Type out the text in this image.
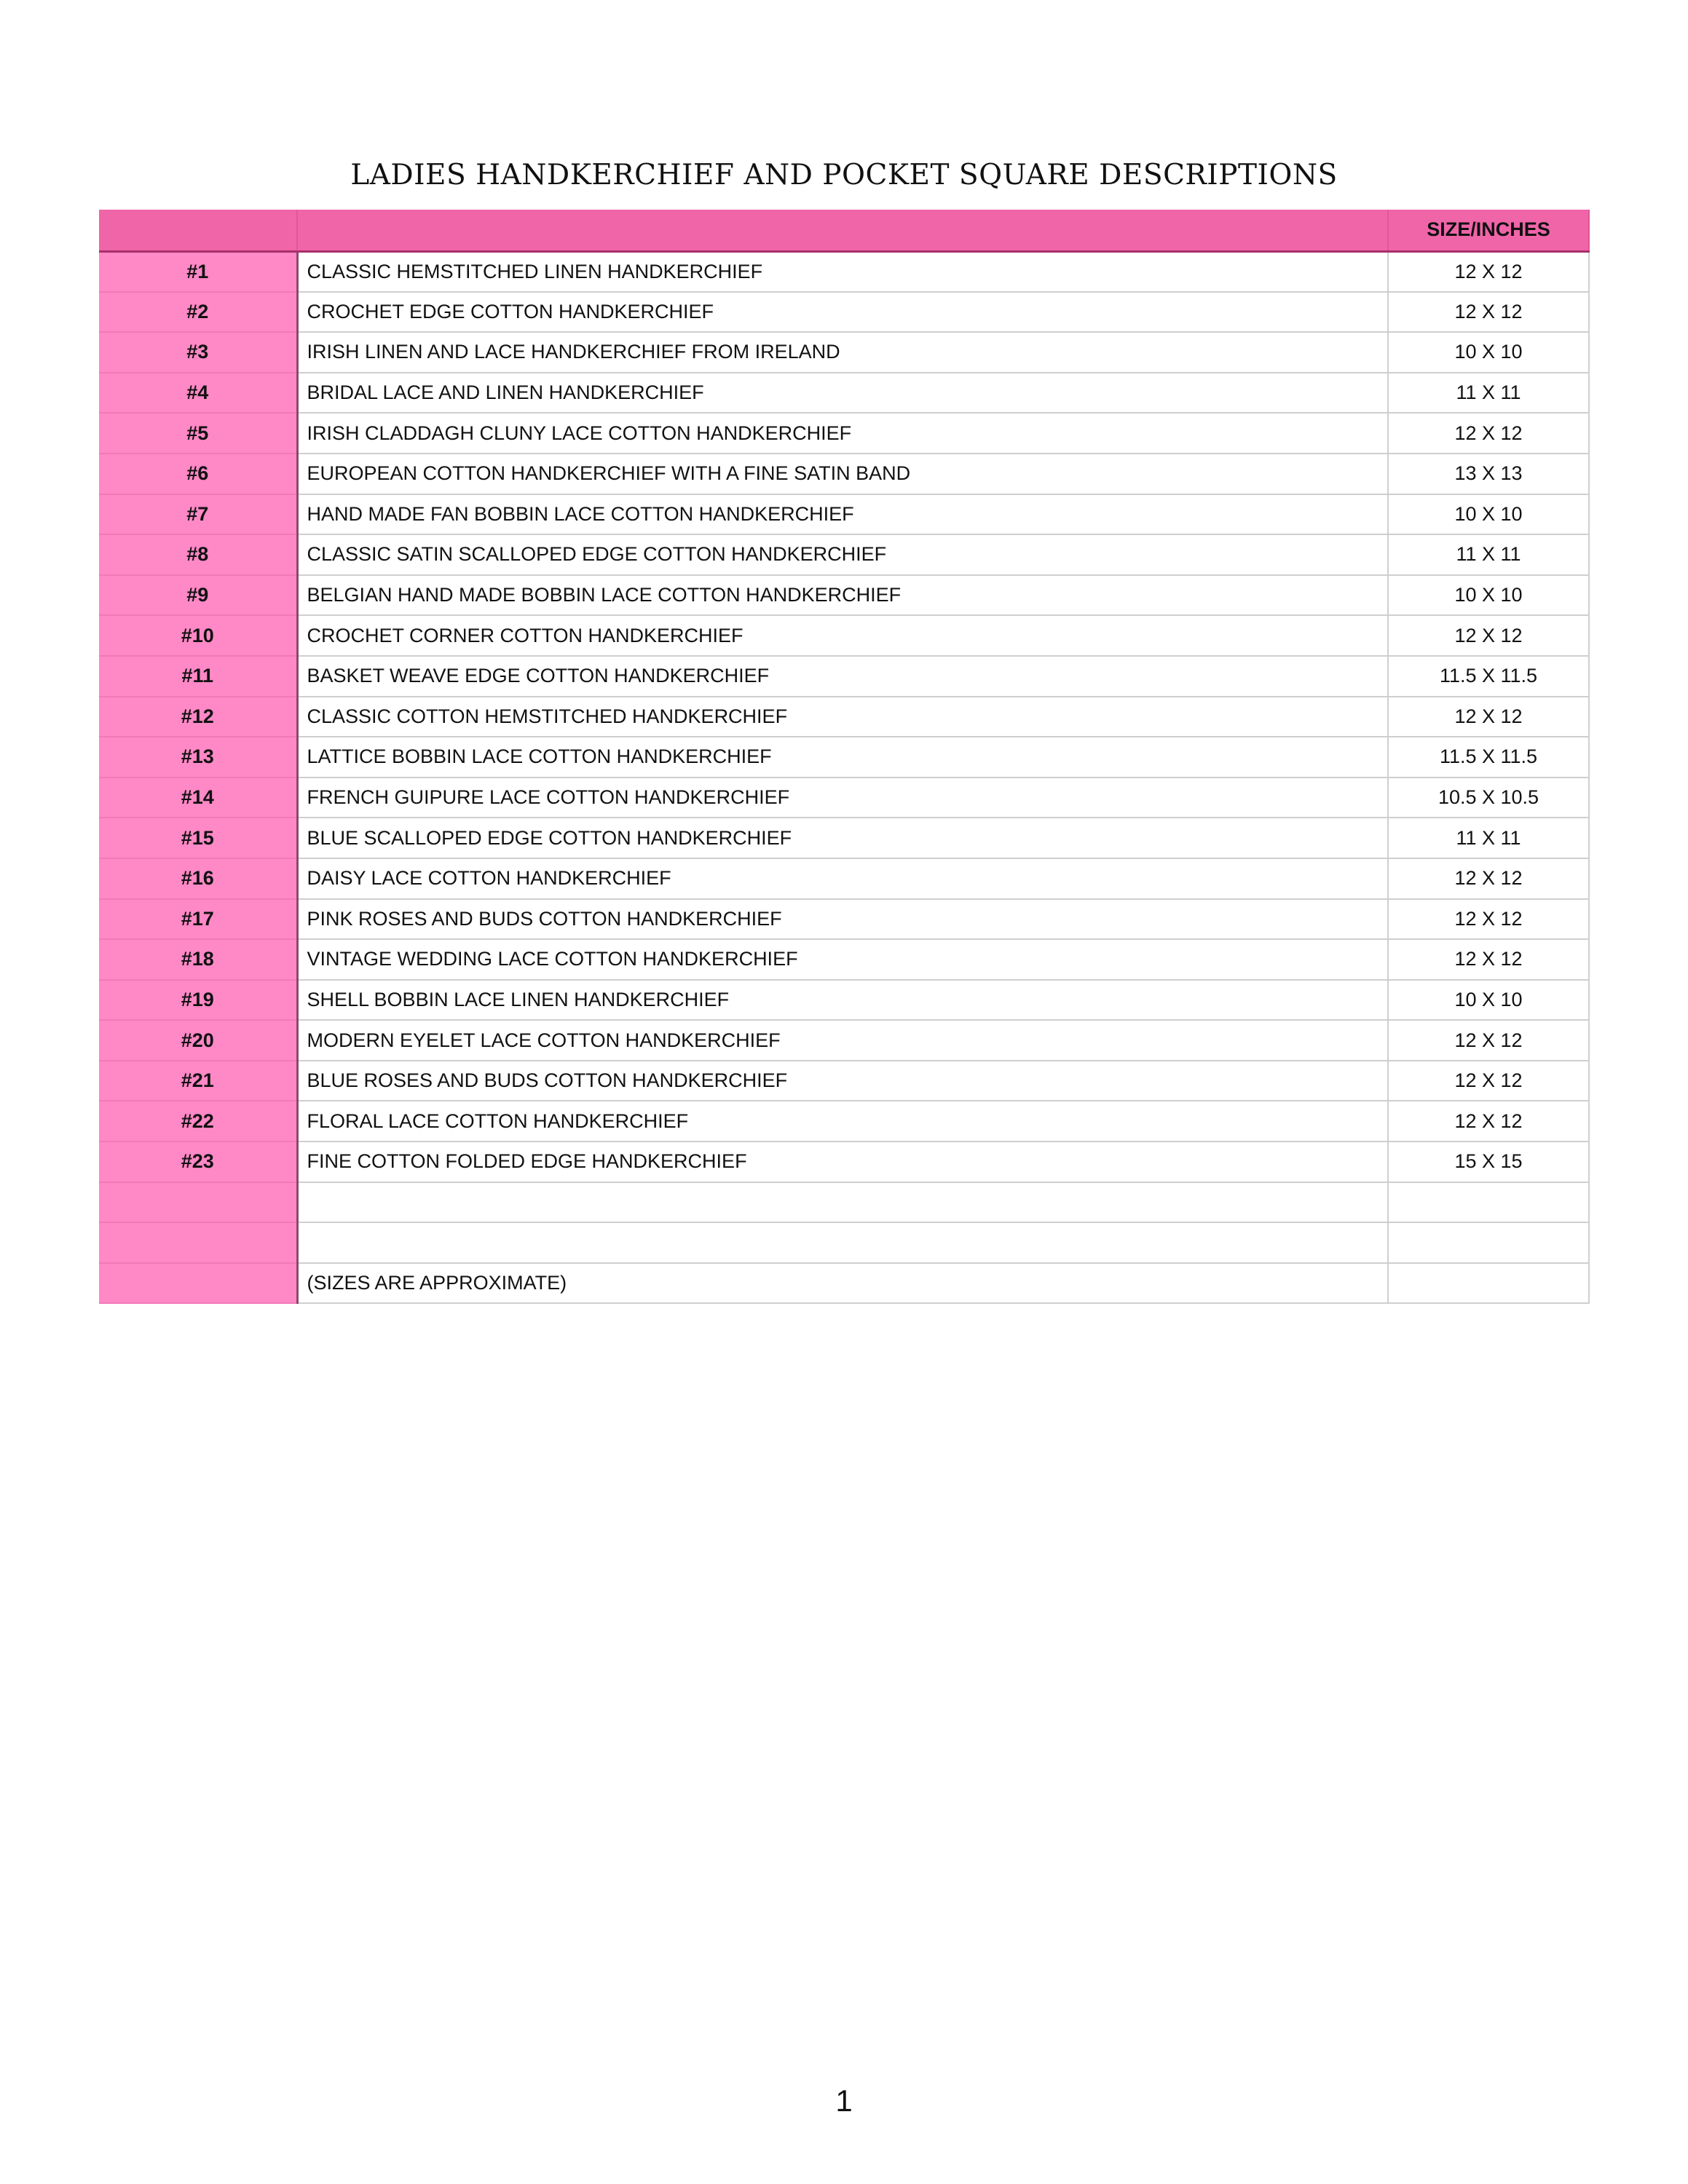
LADIES HANDKERCHIEF AND POCKET SQUARE DESCRIPTIONS
		SIZE/INCHES
#1	CLASSIC HEMSTITCHED LINEN HANDKERCHIEF	12 X 12
#2	CROCHET EDGE COTTON HANDKERCHIEF	12 X 12
#3	IRISH LINEN AND LACE HANDKERCHIEF FROM IRELAND	10 X 10
#4	BRIDAL LACE AND LINEN HANDKERCHIEF	11 X 11
#5	IRISH CLADDAGH CLUNY LACE COTTON HANDKERCHIEF	12 X 12
#6	EUROPEAN COTTON HANDKERCHIEF WITH A FINE SATIN BAND	13 X 13
#7	HAND MADE FAN BOBBIN LACE COTTON HANDKERCHIEF	10 X 10
#8	CLASSIC SATIN SCALLOPED EDGE COTTON HANDKERCHIEF	11 X 11
#9	BELGIAN HAND MADE BOBBIN LACE COTTON HANDKERCHIEF	10 X 10
#10	CROCHET CORNER COTTON HANDKERCHIEF	12 X 12
#11	BASKET WEAVE EDGE COTTON HANDKERCHIEF	11.5 X 11.5
#12	CLASSIC COTTON HEMSTITCHED HANDKERCHIEF	12 X 12
#13	LATTICE BOBBIN LACE COTTON HANDKERCHIEF	11.5 X 11.5
#14	FRENCH GUIPURE LACE COTTON HANDKERCHIEF	10.5 X 10.5
#15	BLUE SCALLOPED EDGE COTTON HANDKERCHIEF	11 X 11
#16	DAISY LACE COTTON HANDKERCHIEF	12 X 12
#17	PINK ROSES AND BUDS COTTON HANDKERCHIEF	12 X 12
#18	VINTAGE WEDDING LACE COTTON HANDKERCHIEF	12 X 12
#19	SHELL BOBBIN LACE LINEN HANDKERCHIEF	10 X 10
#20	MODERN EYELET LACE COTTON HANDKERCHIEF	12 X 12
#21	BLUE ROSES AND BUDS COTTON HANDKERCHIEF	12 X 12
#22	FLORAL LACE COTTON HANDKERCHIEF	12 X 12
#23	FINE COTTON FOLDED EDGE HANDKERCHIEF	15 X 15

	(SIZES ARE APPROXIMATE)	
1
